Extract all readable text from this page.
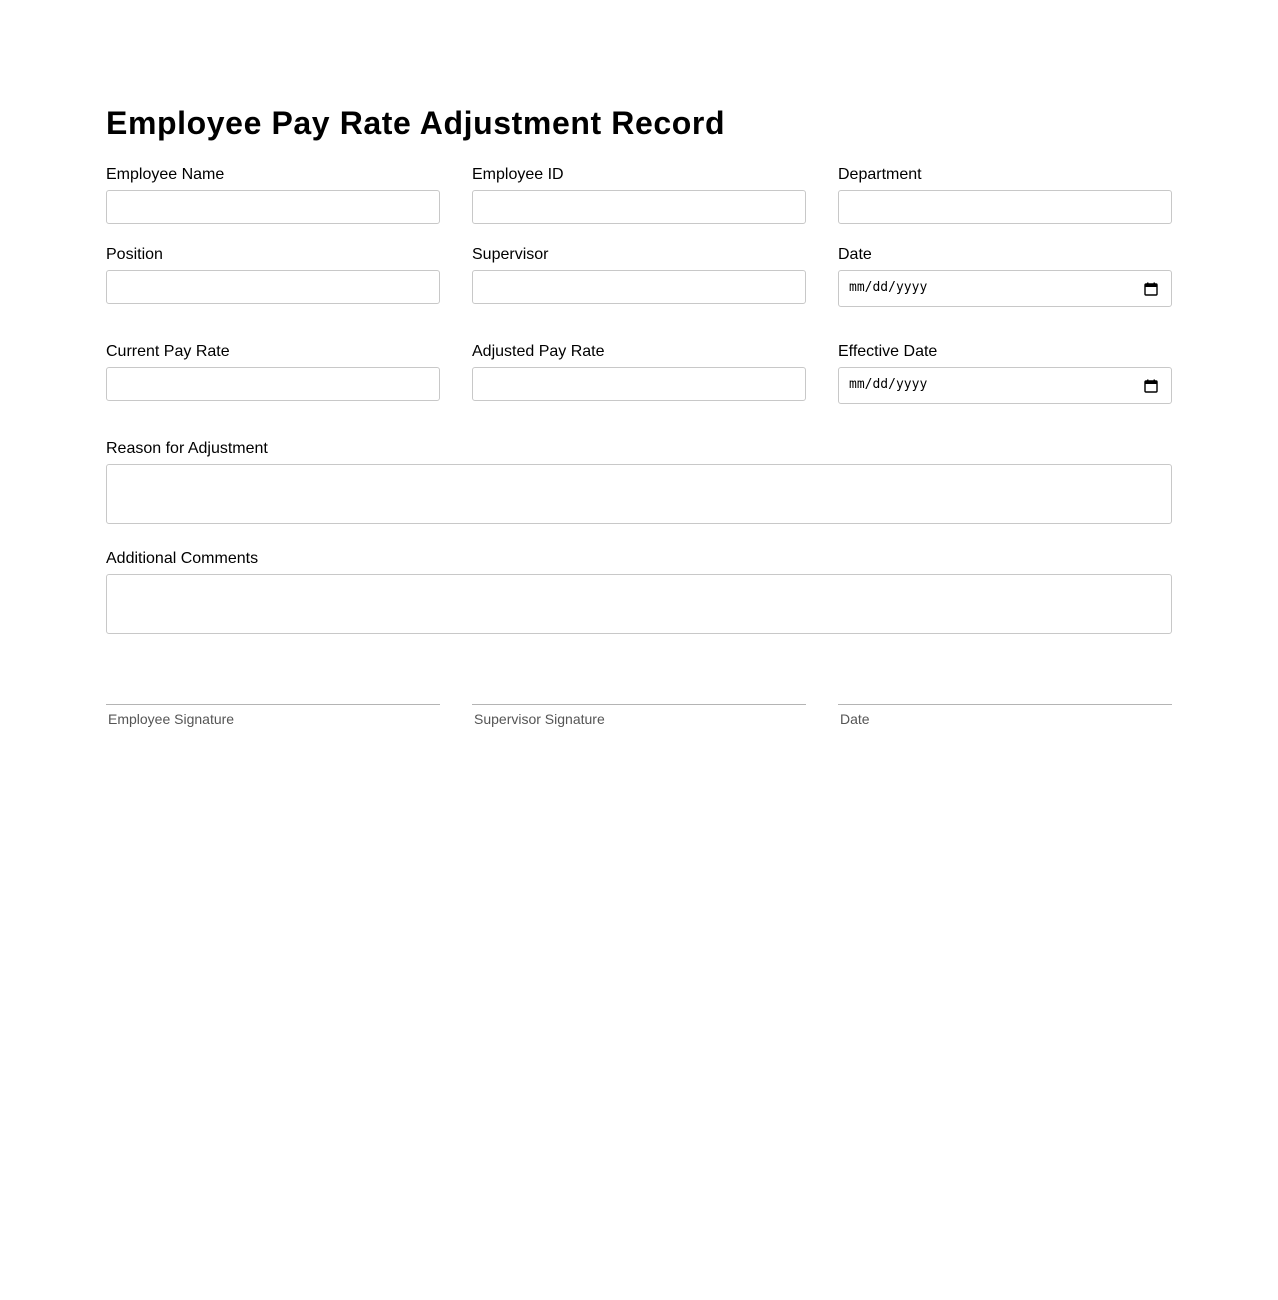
Employee Pay Rate Adjustment Record
Employee Name	Employee ID	Department
Position	Supervisor	Date
mm/dd/yyyy
Current Pay Rate	Adjusted Pay Rate	Effective Date
mm/dd/yyyy
Reason for Adjustment
Additional Comments
Employee Signature	Supervisor Signature	Date
